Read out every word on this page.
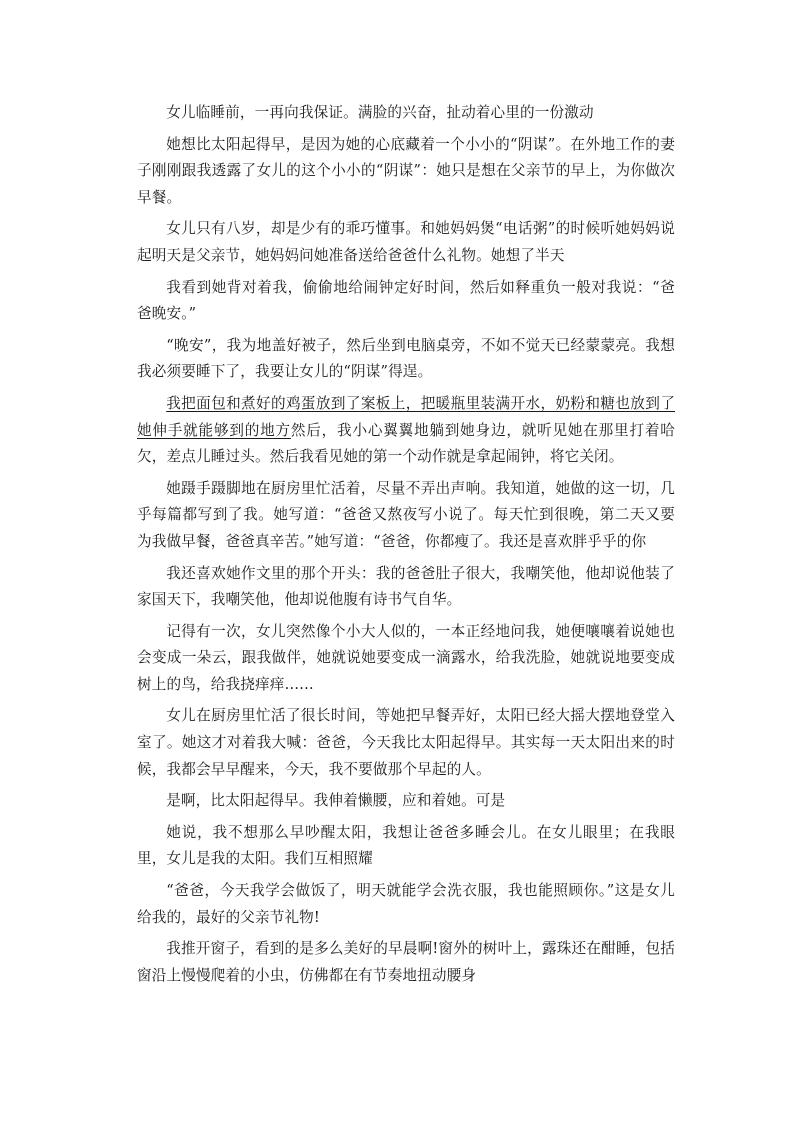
女儿临睡前，一再向我保证。满脸的兴奋，扯动着心里的一份激动

她想比太阳起得早，是因为她的心底藏着一个小小的“阴谋”。在外地工作的妻子刚刚跟我透露了女儿的这个小小的“阴谋”：她只是想在父亲节的早上，为你做次早餐。

女儿只有八岁，却是少有的乖巧懂事。和她妈妈煲“电话粥”的时候听她妈妈说起明天是父亲节，她妈妈问她准备送给爸爸什么礼物。她想了半天

我看到她背对着我，偷偷地给闹钟定好时间，然后如释重负一般对我说：“爸爸晚安。”

“晚安”，我为地盖好被子，然后坐到电脑桌旁，不如不觉天已经蒙蒙亮。我想我必须要睡下了，我要让女儿的“阴谋”得逞。

我把面包和煮好的鸡蛋放到了案板上，把暖瓶里装满开水，奶粉和糖也放到了她伸手就能够到的地方然后，我小心翼翼地躺到她身边，就听见她在那里打着哈欠，差点儿睡过头。然后我看见她的第一个动作就是拿起闹钟，将它关闭。

她蹑手蹑脚地在厨房里忙活着，尽量不弄出声响。我知道，她做的这一切，几乎每篇都写到了我。她写道：“爸爸又熬夜写小说了。每天忙到很晚，第二天又要为我做早餐，爸爸真辛苦。”她写道：“爸爸，你都瘦了。我还是喜欢胖乎乎的你

我还喜欢她作文里的那个开头：我的爸爸肚子很大，我嘲笑他，他却说他装了家国天下，我嘲笑他，他却说他腹有诗书气自华。

记得有一次，女儿突然像个小大人似的，一本正经地问我，她便嚷嚷着说她也会变成一朵云，跟我做伴，她就说她要变成一滴露水，给我洗脸，她就说地要变成树上的鸟，给我挠痒痒……

女儿在厨房里忙活了很长时间，等她把早餐弄好，太阳已经大摇大摆地登堂入室了。她这才对着我大喊：爸爸，今天我比太阳起得早。其实每一天太阳出来的时候，我都会早早醒来，今天，我不要做那个早起的人。

是啊，比太阳起得早。我伸着懒腰，应和着她。可是

她说，我不想那么早吵醒太阳，我想让爸爸多睡会儿。在女儿眼里；在我眼里，女儿是我的太阳。我们互相照耀

“爸爸，今天我学会做饭了，明天就能学会洗衣服，我也能照顾你。”这是女儿给我的，最好的父亲节礼物!

我推开窗子，看到的是多么美好的早晨啊!窗外的树叶上，露珠还在酣睡，包括窗沿上慢慢爬着的小虫，仿佛都在有节奏地扭动腰身
